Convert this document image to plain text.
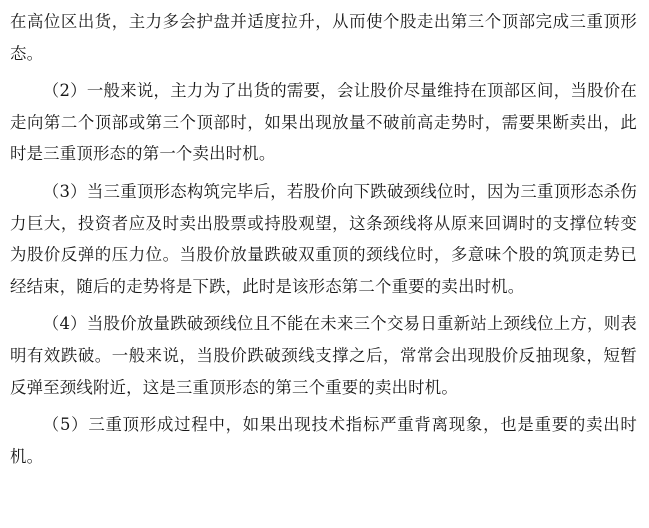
在高位区出货，主力多会护盘并适度拉升，从而使个股走出第三个顶部完成三重顶形态。

（2）一般来说，主力为了出货的需要，会让股价尽量维持在顶部区间，当股价在走向第二个顶部或第三个顶部时，如果出现放量不破前高走势时，需要果断卖出，此时是三重顶形态的第一个卖出时机。

（3）当三重顶形态构筑完毕后，若股价向下跌破颈线位时，因为三重顶形态杀伤力巨大，投资者应及时卖出股票或持股观望，这条颈线将从原来回调时的支撑位转变为股价反弹的压力位。当股价放量跌破双重顶的颈线位时，多意味个股的筑顶走势已经结束，随后的走势将是下跌，此时是该形态第二个重要的卖出时机。

（4）当股价放量跌破颈线位且不能在未来三个交易日重新站上颈线位上方，则表明有效跌破。一般来说，当股价跌破颈线支撑之后，常常会出现股价反抽现象，短暂反弹至颈线附近，这是三重顶形态的第三个重要的卖出时机。

（5）三重顶形成过程中，如果出现技术指标严重背离现象，也是重要的卖出时机。
